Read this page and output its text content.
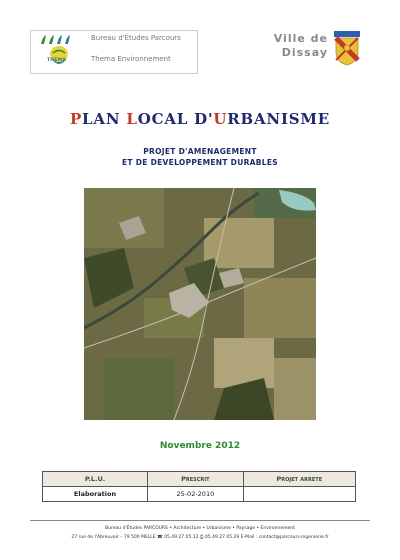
THEMA
Bureau d'Études Parcours
Thema Environnement
Ville de
Dissay
PLAN LOCAL D'URBANISME
PROJET D'AMENAGEMENT
ET DE DEVELOPPEMENT DURABLES
Novembre 2012
P.L.U.	Prescrit	Projet arrete
Elaboration	25-02-2010	
Bureau d'Études PARCOURS • Architecture • Urbanisme • Paysage • Environnement
27 rue de l'Abreuvoir – 79 500 MELLE ☎ 05.49.27.05.12 ⎙ 05.49.27.05.29 E-Mail : contact@parcours-ingenierie.fr
